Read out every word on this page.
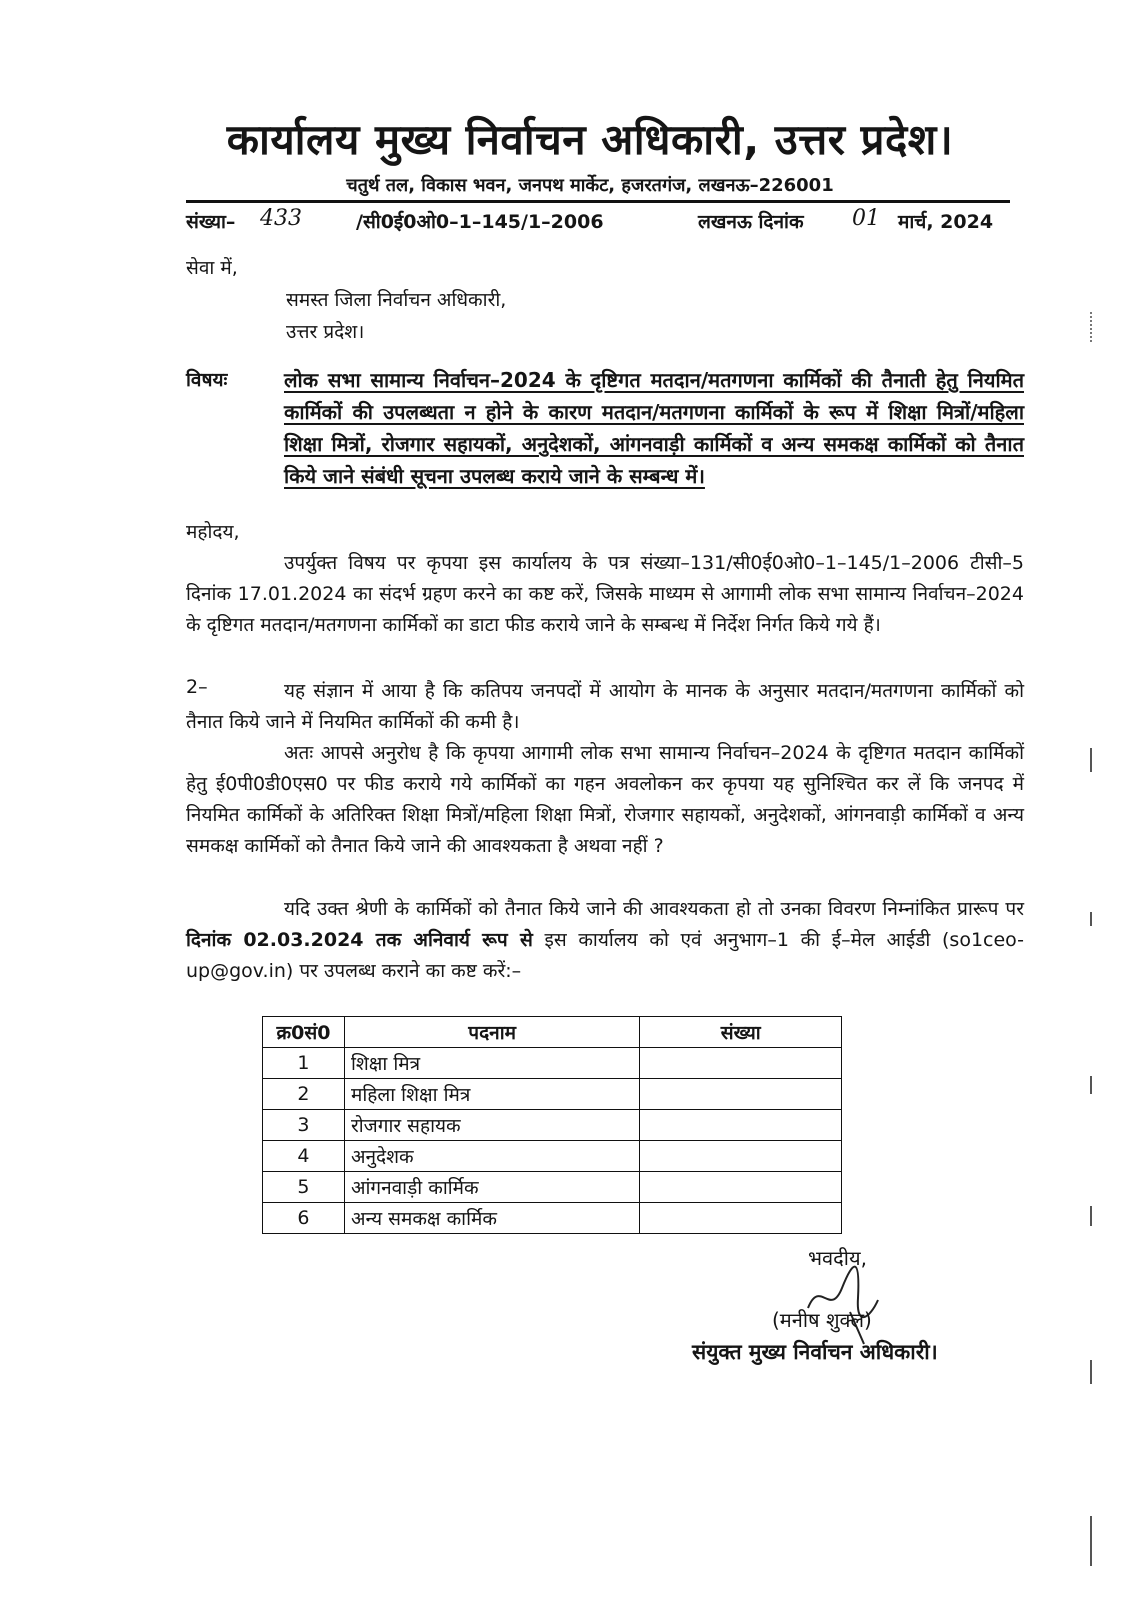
कार्यालय मुख्य निर्वाचन अधिकारी, उत्तर प्रदेश।
चतुर्थ तल, विकास भवन, जनपथ मार्केट, हजरतगंज, लखनऊ–226001
संख्या– 433	/सी0ई0ओ0–1–145/1–2006	लखनऊ दिनांक 01 मार्च, 2024
सेवा में,
समस्त जिला निर्वाचन अधिकारी,
उत्तर प्रदेश।
विषयः	लोक सभा सामान्य निर्वाचन–2024 के दृष्टिगत मतदान/मतगणना कार्मिकों की तैनाती हेतु नियमित कार्मिकों की उपलब्धता न होने के कारण मतदान/मतगणना कार्मिकों के रूप में शिक्षा मित्रों/महिला शिक्षा मित्रों, रोजगार सहायकों, अनुदेशकों, आंगनवाड़ी कार्मिकों व अन्य समकक्ष कार्मिकों को तैनात किये जाने संबंधी सूचना उपलब्ध कराये जाने के सम्बन्ध में।
महोदय,
उपर्युक्त विषय पर कृपया इस कार्यालय के पत्र संख्या–131/सी0ई0ओ0–1–145/1–2006 टीसी–5 दिनांक 17.01.2024 का संदर्भ ग्रहण करने का कष्ट करें, जिसके माध्यम से आगामी लोक सभा सामान्य निर्वाचन–2024 के दृष्टिगत मतदान/मतगणना कार्मिकों का डाटा फीड कराये जाने के सम्बन्ध में निर्देश निर्गत किये गये हैं।
2–	यह संज्ञान में आया है कि कतिपय जनपदों में आयोग के मानक के अनुसार मतदान/मतगणना कार्मिकों को तैनात किये जाने में नियमित कार्मिकों की कमी है।
अतः आपसे अनुरोध है कि कृपया आगामी लोक सभा सामान्य निर्वाचन–2024 के दृष्टिगत मतदान कार्मिकों हेतु ई0पी0डी0एस0 पर फीड कराये गये कार्मिकों का गहन अवलोकन कर कृपया यह सुनिश्चित कर लें कि जनपद में नियमित कार्मिकों के अतिरिक्त शिक्षा मित्रों/महिला शिक्षा मित्रों, रोजगार सहायकों, अनुदेशकों, आंगनवाड़ी कार्मिकों व अन्य समकक्ष कार्मिकों को तैनात किये जाने की आवश्यकता है अथवा नहीं ?
यदि उक्त श्रेणी के कार्मिकों को तैनात किये जाने की आवश्यकता हो तो उनका विवरण निम्नांकित प्रारूप पर दिनांक 02.03.2024 तक अनिवार्य रूप से इस कार्यालय को एवं अनुभाग–1 की ई–मेल आईडी (so1ceo-up@gov.in) पर उपलब्ध कराने का कष्ट करें:–
क्र0सं0	पदनाम	संख्या
1	शिक्षा मित्र	
2	महिला शिक्षा मित्र	
3	रोजगार सहायक	
4	अनुदेशक	
5	आंगनवाड़ी कार्मिक	
6	अन्य समकक्ष कार्मिक	
भवदीय,
(मनीष शुक्ल)
संयुक्त मुख्य निर्वाचन अधिकारी।
